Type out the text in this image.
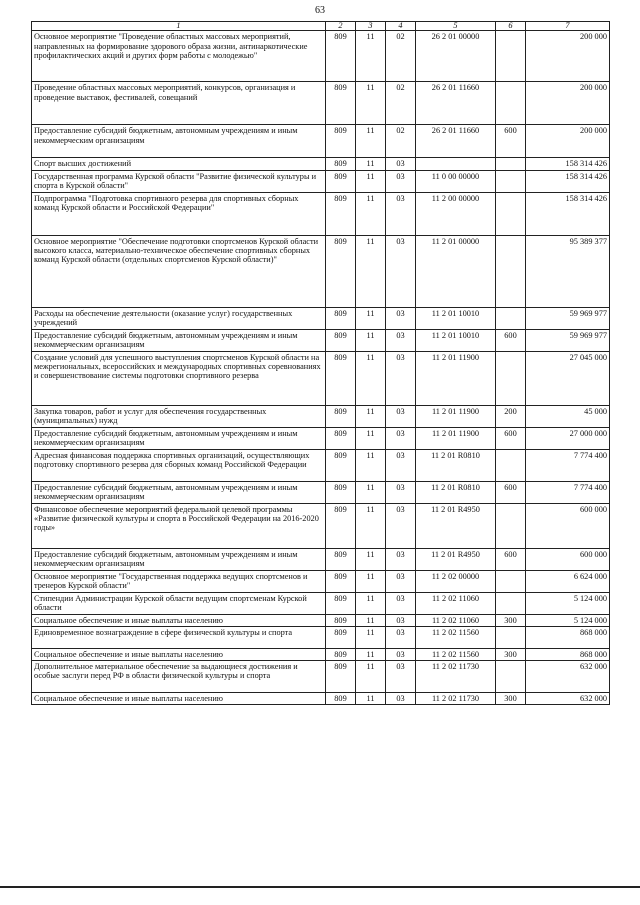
63
1	2	3	4	5	6	7
Основное мероприятие "Проведение областных массовых мероприятий, направленных на формирование здорового образа жизни, антинаркотические профилактических акций и других форм работы с молодежью"	809	11	02	26 2 01 00000		200 000
Проведение областных массовых мероприятий, конкурсов, организация и проведение выставок, фестивалей, совещаний	809	11	02	26 2 01 11660		200 000
Предоставление субсидий бюджетным, автономным учреждениям и иным некоммерческим организациям	809	11	02	26 2 01 11660	600	200 000
Спорт высших достижений	809	11	03			158 314 426
Государственная программа Курской области "Развитие физической культуры и спорта в Курской области"	809	11	03	11 0 00 00000		158 314 426
Подпрограмма "Подготовка спортивного резерва для спортивных сборных команд Курской области и Российской Федерации"	809	11	03	11 2 00 00000		158 314 426
Основное мероприятие "Обеспечение подготовки спортсменов Курской области высокого класса, материально-техническое обеспечение спортивных сборных команд Курской области (отдельных спортсменов Курской области)"	809	11	03	11 2 01 00000		95 389 377
Расходы на обеспечение деятельности (оказание услуг) государственных учреждений	809	11	03	11 2 01 10010		59 969 977
Предоставление субсидий бюджетным, автономным учреждениям и иным некоммерческим организациям	809	11	03	11 2 01 10010	600	59 969 977
Создание условий для успешного выступления спортсменов Курской области на межрегиональных, всероссийских и международных спортивных соревнованиях и совершенствование системы подготовки спортивного резерва	809	11	03	11 2 01 11900		27 045 000
Закупка товаров, работ и услуг для обеспечения государственных (муниципальных) нужд	809	11	03	11 2 01 11900	200	45 000
Предоставление субсидий бюджетным, автономным учреждениям и иным некоммерческим организациям	809	11	03	11 2 01 11900	600	27 000 000
Адресная финансовая поддержка спортивных организаций, осуществляющих подготовку спортивного резерва для сборных команд Российской Федерации	809	11	03	11 2 01 R0810		7 774 400
Предоставление субсидий бюджетным, автономным учреждениям и иным некоммерческим организациям	809	11	03	11 2 01 R0810	600	7 774 400
Финансовое обеспечение мероприятий федеральной целевой программы «Развитие физической культуры и спорта в Российской Федерации на 2016-2020 годы»	809	11	03	11 2 01 R4950		600 000
Предоставление субсидий бюджетным, автономным учреждениям и иным некоммерческим организациям	809	11	03	11 2 01 R4950	600	600 000
Основное мероприятие "Государственная поддержка ведущих спортсменов и тренеров Курской области"	809	11	03	11 2 02 00000		6 624 000
Стипендии Администрации Курской области ведущим спортсменам Курской области	809	11	03	11 2 02 11060		5 124 000
Социальное обеспечение и иные выплаты населению	809	11	03	11 2 02 11060	300	5 124 000
Единовременное вознаграждение в сфере физической культуры и спорта	809	11	03	11 2 02 11560		868 000
Социальное обеспечение и иные выплаты населению	809	11	03	11 2 02 11560	300	868 000
Дополнительное материальное обеспечение за выдающиеся достижения и особые заслуги перед РФ в области физической культуры и спорта	809	11	03	11 2 02 11730		632 000
Социальное обеспечение и иные выплаты населению	809	11	03	11 2 02 11730	300	632 000
